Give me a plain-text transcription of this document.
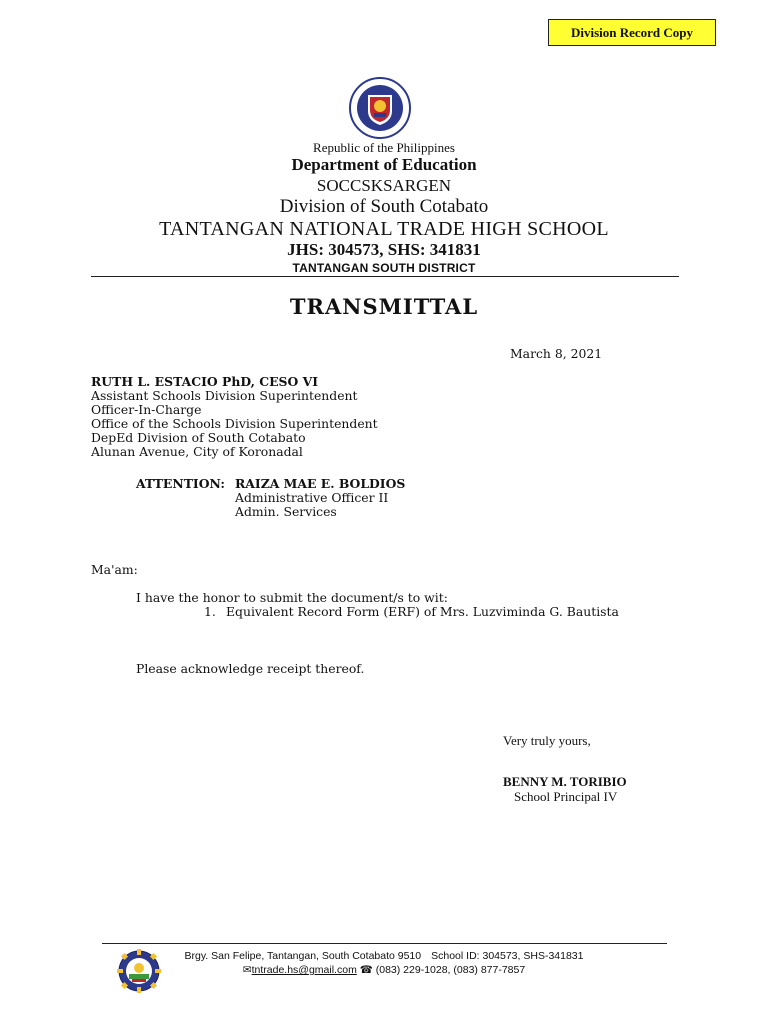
Division Record Copy
Republic of the Philippines
Department of Education
SOCCSKSARGEN
Division of South Cotabato
TANTANGAN NATIONAL TRADE HIGH SCHOOL
JHS: 304573, SHS: 341831
TANTANGAN SOUTH DISTRICT
TRANSMITTAL
March 8, 2021
RUTH L. ESTACIO PhD, CESO VI
Assistant Schools Division Superintendent
Officer-In-Charge
Office of the Schools Division Superintendent
DepEd Division of South Cotabato
Alunan Avenue, City of Koronadal
ATTENTION: RAIZA MAE E. BOLDIOS
Administrative Officer II
Admin. Services
Ma'am:
I have the honor to submit the document/s to wit:
1. Equivalent Record Form (ERF) of Mrs. Luzviminda G. Bautista
Please acknowledge receipt thereof.
Very truly yours,
BENNY M. TORIBIO
School Principal IV
Brgy. San Felipe, Tantangan, South Cotabato 9510 School ID: 304573, SHS-341831
✉tntrade.hs@gmail.com ☎ (083) 229-1028, (083) 877-7857
